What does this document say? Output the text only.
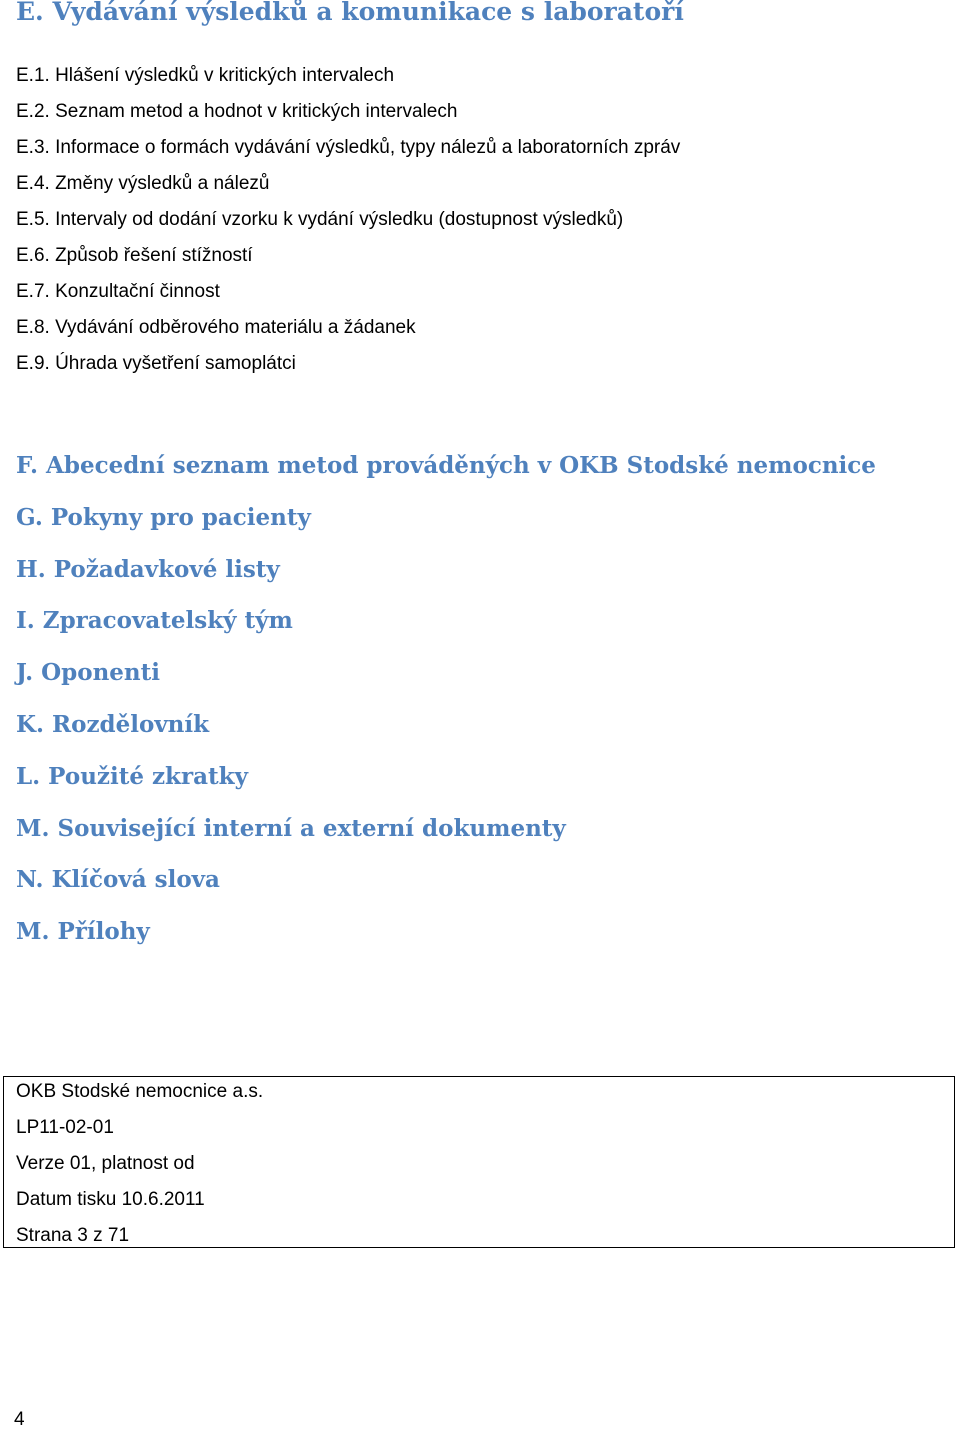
E. Vydávání výsledků a komunikace s laboratoří
E.1. Hlášení výsledků v kritických intervalech
E.2. Seznam metod a hodnot v kritických intervalech
E.3. Informace o formách vydávání výsledků, typy nálezů a laboratorních zpráv
E.4. Změny výsledků a nálezů
E.5. Intervaly od dodání vzorku k vydání výsledku (dostupnost výsledků)
E.6. Způsob řešení stížností
E.7. Konzultační činnost
E.8. Vydávání odběrového materiálu a žádanek
E.9. Úhrada vyšetření samoplátci
F. Abecední seznam metod prováděných v OKB Stodské nemocnice
G. Pokyny pro pacienty
H. Požadavkové listy
I. Zpracovatelský tým
J. Oponenti
K. Rozdělovník
L. Použité zkratky
M. Související interní a externí dokumenty
N. Klíčová slova
M. Přílohy
OKB Stodské nemocnice a.s.
LP11-02-01
Verze 01, platnost od
Datum tisku 10.6.2011
Strana 3 z 71
4
